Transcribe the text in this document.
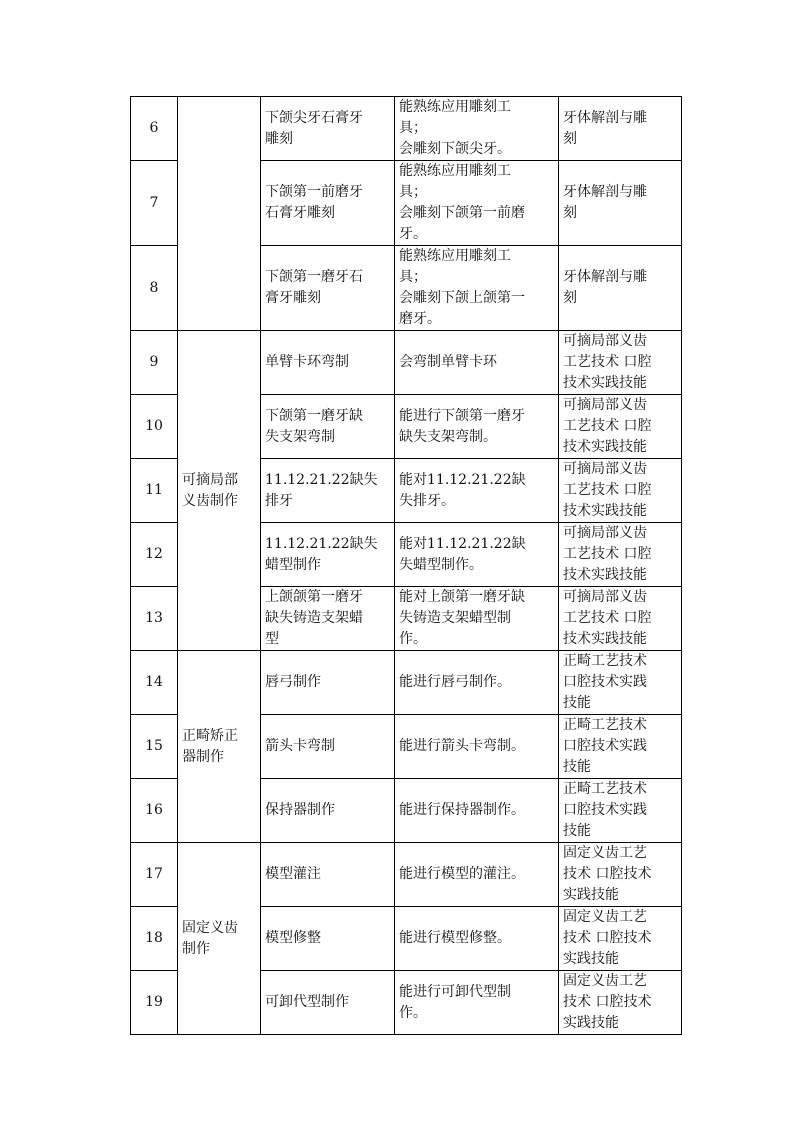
6		下颌尖牙石膏牙
雕刻	能熟练应用雕刻工
具；
会雕刻下颌尖牙。	牙体解剖与雕
刻
7		下颌第一前磨牙
石膏牙雕刻	能熟练应用雕刻工
具；
会雕刻下颌第一前磨
牙。	牙体解剖与雕
刻
8		下颌第一磨牙石
膏牙雕刻	能熟练应用雕刻工
具；
会雕刻下颌上颌第一
磨牙。	牙体解剖与雕
刻
9	可摘局部
义齿制作	单臂卡环弯制	会弯制单臂卡环	可摘局部义齿
工艺技术 口腔
技术实践技能
10		下颌第一磨牙缺
失支架弯制	能进行下颌第一磨牙
缺失支架弯制。	可摘局部义齿
工艺技术 口腔
技术实践技能
11		11.12.21.22缺失
排牙	能对11.12.21.22缺
失排牙。	可摘局部义齿
工艺技术 口腔
技术实践技能
12		11.12.21.22缺失
蜡型制作	能对11.12.21.22缺
失蜡型制作。	可摘局部义齿
工艺技术 口腔
技术实践技能
13		上颌颌第一磨牙
缺失铸造支架蜡
型	能对上颌第一磨牙缺
失铸造支架蜡型制
作。	可摘局部义齿
工艺技术 口腔
技术实践技能
14	正畸矫正
器制作	唇弓制作	能进行唇弓制作。	正畸工艺技术
口腔技术实践
技能
15		箭头卡弯制	能进行箭头卡弯制。	正畸工艺技术
口腔技术实践
技能
16		保持器制作	能进行保持器制作。	正畸工艺技术
口腔技术实践
技能
17	固定义齿
制作	模型灌注	能进行模型的灌注。	固定义齿工艺
技术 口腔技术
实践技能
18		模型修整	能进行模型修整。	固定义齿工艺
技术 口腔技术
实践技能
19		可卸代型制作	能进行可卸代型制
作。	固定义齿工艺
技术 口腔技术
实践技能
